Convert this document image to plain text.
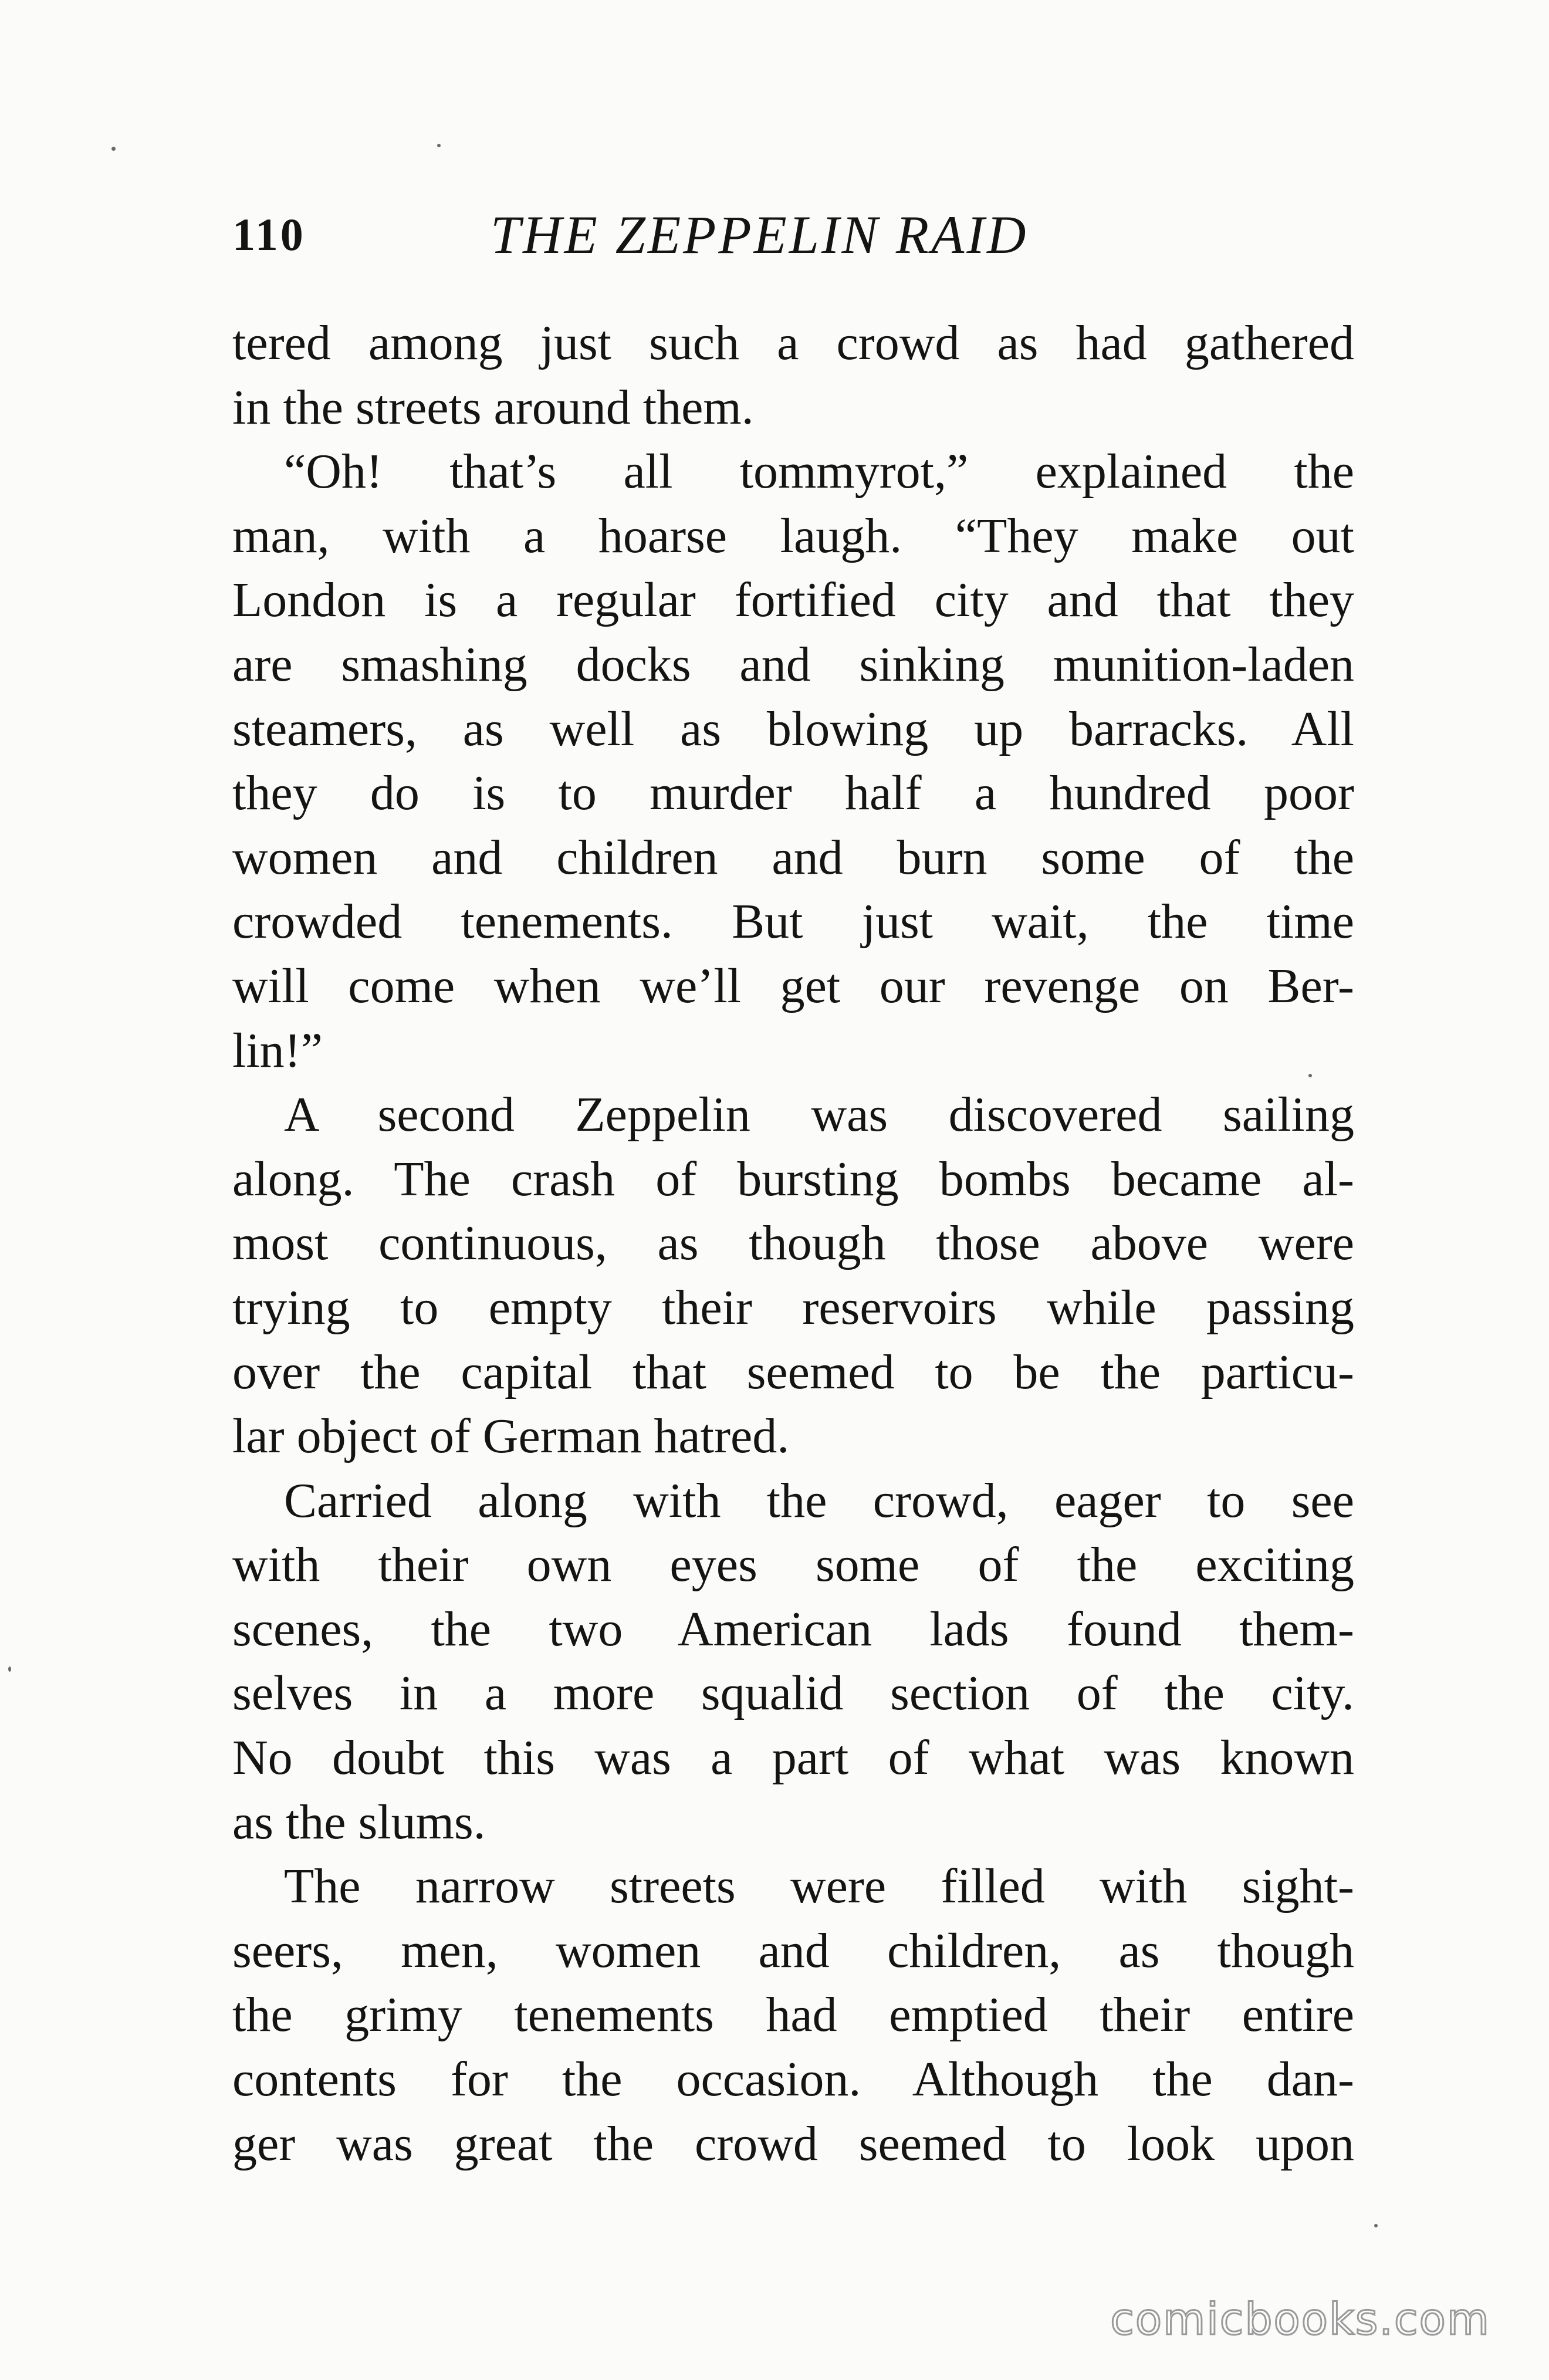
110	THE ZEPPELIN RAID
tered among just such a crowd as had gathered
in the streets around them.
“Oh! that’s all tommyrot,” explained the
man, with a hoarse laugh. “They make out
London is a regular fortified city and that they
are smashing docks and sinking munition-laden
steamers, as well as blowing up barracks. All
they do is to murder half a hundred poor
women and children and burn some of the
crowded tenements. But just wait, the time
will come when we’ll get our revenge on Ber-
lin!”
A second Zeppelin was discovered sailing
along. The crash of bursting bombs became al-
most continuous, as though those above were
trying to empty their reservoirs while passing
over the capital that seemed to be the particu-
lar object of German hatred.
Carried along with the crowd, eager to see
with their own eyes some of the exciting
scenes, the two American lads found them-
selves in a more squalid section of the city.
No doubt this was a part of what was known
as the slums.
The narrow streets were filled with sight-
seers, men, women and children, as though
the grimy tenements had emptied their entire
contents for the occasion. Although the dan-
ger was great the crowd seemed to look upon
comicbooks.com
